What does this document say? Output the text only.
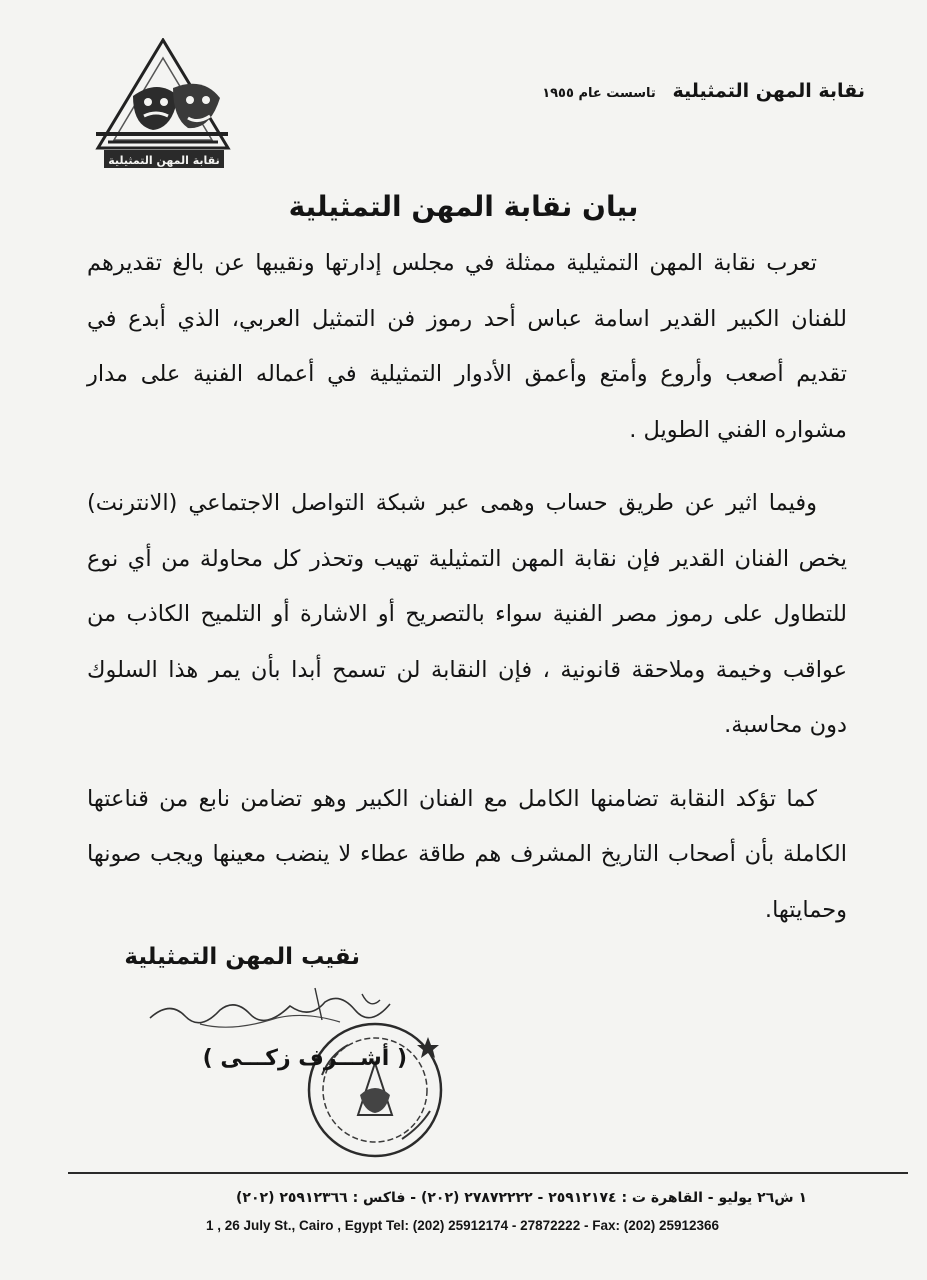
نقابة المهن التمثيلية
نقابة المهن التمثيلية تاسست عام ١٩٥٥
بيان نقابة المهن التمثيلية

تعرب نقابة المهن التمثيلية ممثلة في مجلس إدارتها ونقيبها عن بالغ تقديرهم للفنان الكبير القدير اسامة عباس أحد رموز فن التمثيل العربي، الذي أبدع في تقديم أصعب وأروع وأمتع وأعمق الأدوار التمثيلية في أعماله الفنية على مدار مشواره الفني الطويل .

وفيما اثير عن طريق حساب وهمى عبر شبكة التواصل الاجتماعي (الانترنت) يخص الفنان القدير فإن نقابة المهن التمثيلية تهيب وتحذر كل محاولة من أي نوع للتطاول على رموز مصر الفنية سواء بالتصريح أو الاشارة أو التلميح الكاذب من عواقب وخيمة وملاحقة قانونية ، فإن النقابة لن تسمح أبدا بأن يمر هذا السلوك دون محاسبة.

كما تؤكد النقابة تضامنها الكامل مع الفنان الكبير وهو تضامن نابع من قناعتها الكاملة بأن أصحاب التاريخ المشرف هم طاقة عطاء لا ينضب معينها ويجب صونها وحمايتها.

نقيب المهن التمثيلية
( أشـــرف زكـــى )
١ ش٢٦ يوليو - القاهرة ت : ٢٥٩١٢١٧٤ - ٢٧٨٧٢٢٢٢ (٢٠٢) - فاكس : ٢٥٩١٢٣٦٦ (٢٠٢)
1 , 26 July St., Cairo , Egypt Tel: (202) 25912174 - 27872222 - Fax: (202) 25912366
